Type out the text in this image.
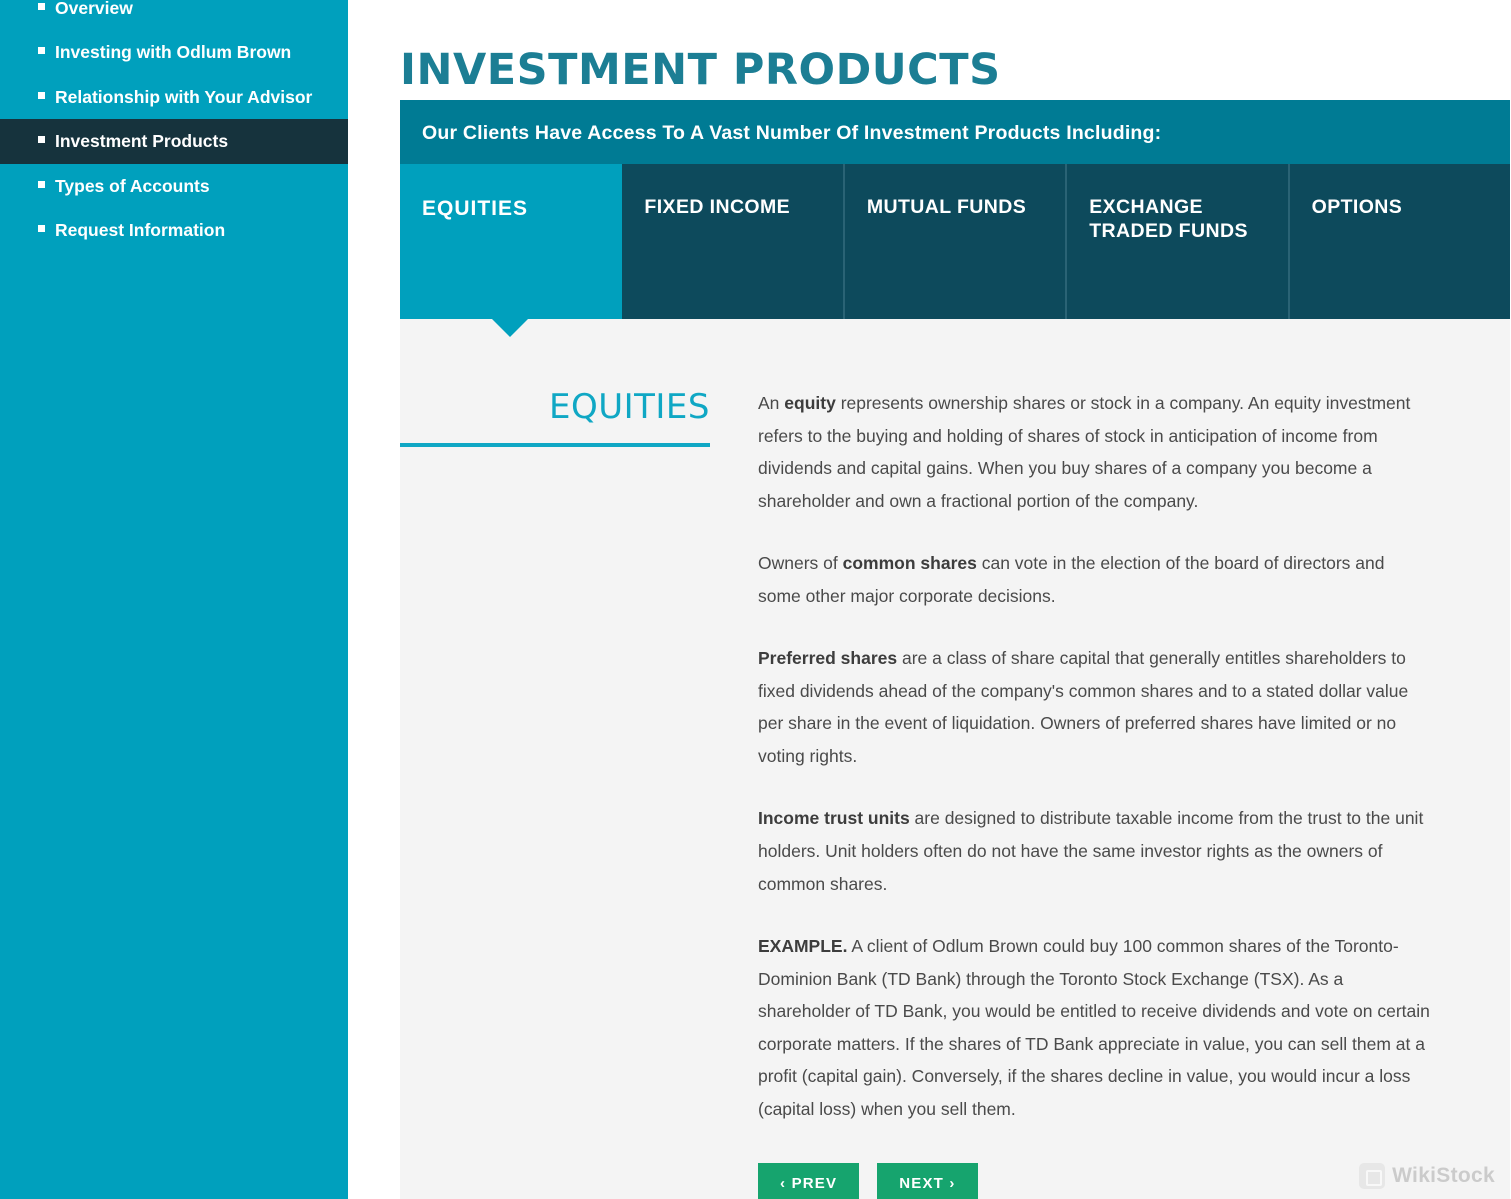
Overview
Investing with Odlum Brown
Relationship with Your Advisor
Investment Products
Types of Accounts
Request Information
INVESTMENT PRODUCTS
Our Clients Have Access To A Vast Number Of Investment Products Including:
EQUITIES	FIXED INCOME	MUTUAL FUNDS	EXCHANGE TRADED FUNDS
OPTIONS
EQUITIES	An equity represents ownership shares or stock in a company. An equity investment refers to the buying and holding of shares of stock in anticipation of income from dividends and capital gains. When you buy shares of a company you become a shareholder and own a fractional portion of the company.

Owners of common shares can vote in the election of the board of directors and some other major corporate decisions.

Preferred shares are a class of share capital that generally entitles shareholders to fixed dividends ahead of the company's common shares and to a stated dollar value per share in the event of liquidation. Owners of preferred shares have limited or no voting rights.

Income trust units are designed to distribute taxable income from the trust to the unit holders. Unit holders often do not have the same investor rights as the owners of common shares.

EXAMPLE. A client of Odlum Brown could buy 100 common shares of the Toronto-Dominion Bank (TD Bank) through the Toronto Stock Exchange (TSX). As a shareholder of TD Bank, you would be entitled to receive dividends and vote on certain corporate matters. If the shares of TD Bank appreciate in value, you can sell them at a profit (capital gain). Conversely, if the shares decline in value, you would incur a loss (capital loss) when you sell them.

‹ PREV	NEXT ›	WikiStock
